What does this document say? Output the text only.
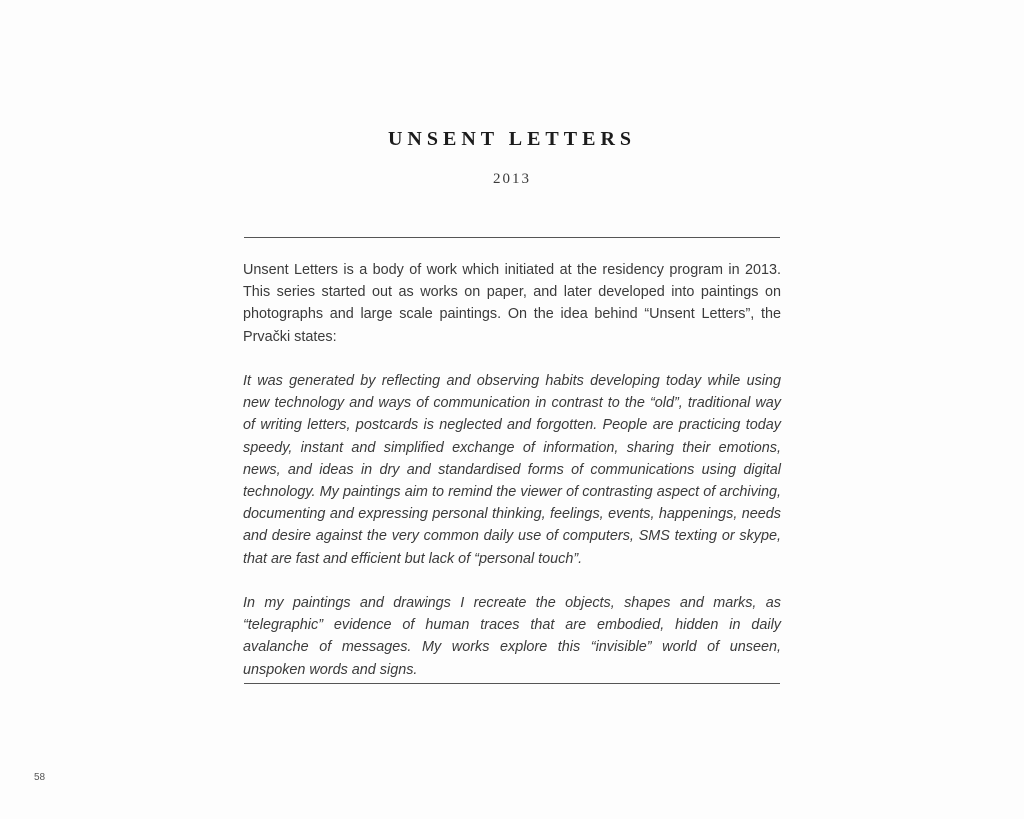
UNSENT LETTERS
2013

Unsent Letters is a body of work which initiated at the residency program in 2013. This series started out as works on paper, and later developed into paintings on photographs and large scale paintings. On the idea behind “Unsent Letters”, the Prvački states:

It was generated by reflecting and observing habits developing today while using new technology and ways of communication in contrast to the “old”, traditional way of writing letters, postcards is neglected and forgotten. People are practicing today speedy, instant and simplified exchange of information, sharing their emotions, news, and ideas in dry and standardised forms of communications using digital technology. My paintings aim to remind the viewer of contrasting aspect of archiving, documenting and expressing personal thinking, feelings, events, happenings, needs and desire against the very common daily use of computers, SMS texting or skype, that are fast and efficient but lack of “personal touch”.

In my paintings and drawings I recreate the objects, shapes and marks, as “telegraphic” evidence of human traces that are embodied, hidden in daily avalanche of messages. My works explore this “invisible” world of unseen, unspoken words and signs.

58
